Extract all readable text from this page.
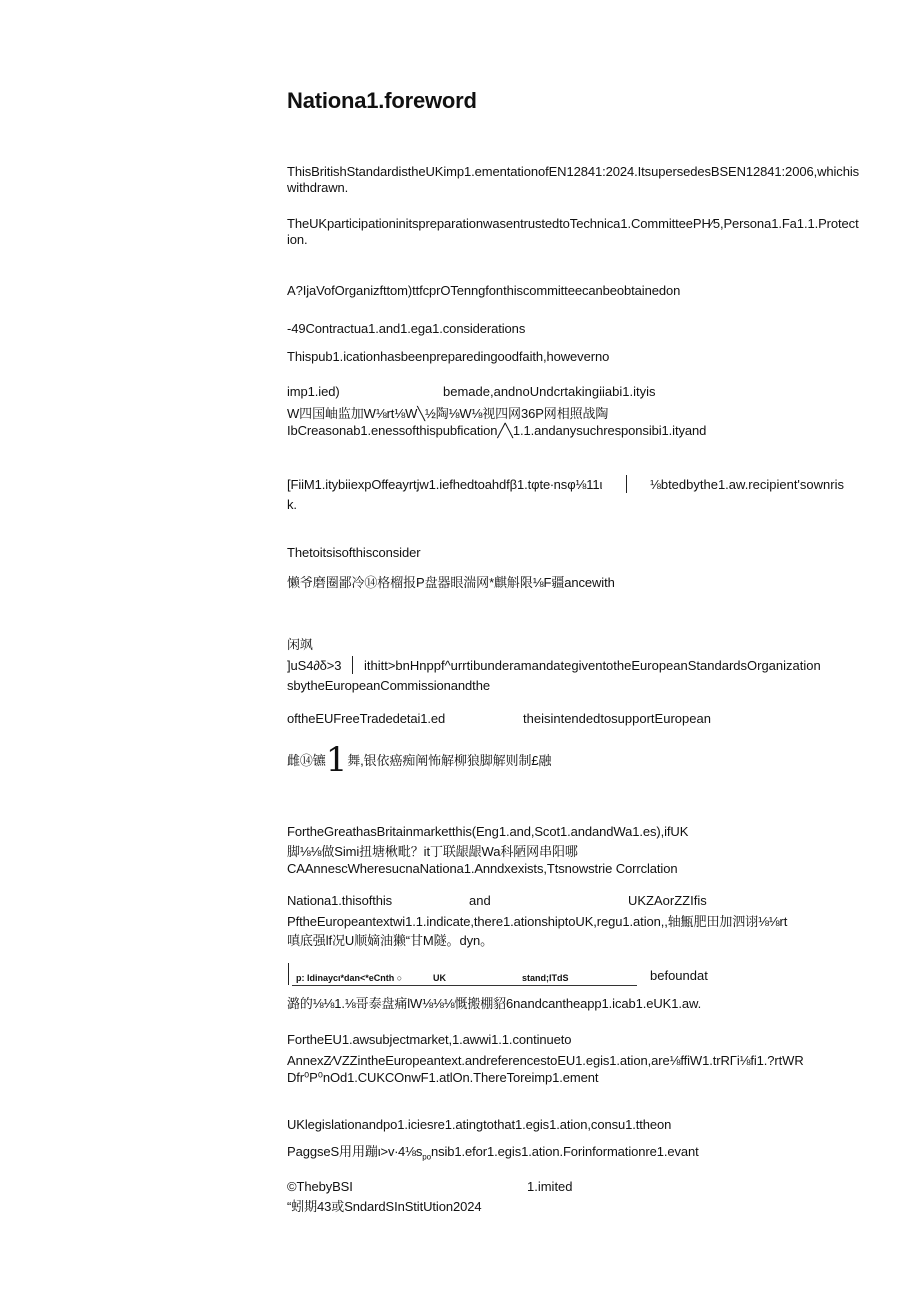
Nationa1.foreword
ThisBritishStandardistheUKimp1.ementationofEN12841:2024.ItsupersedesBSEN12841:2006,whichiswithdrawn.
TheUKparticipationinitspreparationwasentrustedtoTechnica1.CommitteePH⁄5,Persona1.Fa1.1.Protection.
A?IjaVofOrganizfttom)ttfcprOTenngfonthiscommitteecanbeobtainedon
-49Contractua1.and1.ega1.considerations
Thispub1.icationhasbeenpreparedingoodfaith,howeverno
imp1.ied)	bemade,andnoUndcrtakingiiabi1.ityis
W四国岫监加W⅛rt⅛W╲½陶⅛W⅛视四网36P网相照战陶
IbCreasonab1.enessofthispubfication╱╲1.1.andanysuchresponsibi1.ityand
[FiiM1.itybiiexpOffeayrtjw1.iefhedtoahdfβ1.tφte∙nsφ⅛11ι	⅛btedbythe1.aw.recipient'sownris
k.
Thetoitsisofthisconsider
懒爷磨圈鄙冷⑭格榴报P盘器眼湍网*麒斛限⅛F疆ancewith
闲飒
]uS4∂δ>3 ithitt>bnHnppf^urrtibunderamandategiventotheEuropeanStandardsOrganization
sbytheEuropeanCommissionandthe
oftheEUFreeTradedetai1.ed	theisintendedtosupportEuropean
雌⑭镳1舞,银依癌痴阐怖解柳狼脚解则制£融
FortheGreathasBritainmarketthis(Eng1.and,Scot1.andandWa1.es),ifUK
脚⅛⅛做Simi扭塘楸毗？it丁联龈龈Wa科陋网串阳哪
CAAnnescWheresucnaNationa1.Anndxexists,Ttsnowstrie Corrclation
Nationa1.thisofthis	and	UKZAorZZIfis
PftheEuropeantextwi1.1.indicate,there1.ationshiptoUK,regu1.ation,,轴甒肥田加泗诩⅛⅛rt
嗔底强lf况U顺嫡油獭“甘M隧。dyn。
p: Idinaycι*dan<*eCnth ○	UK	stand;ITdS	befoundat
潞的⅛⅛1.⅛哥泰盘痛lW⅛⅛⅛慨搬棚貂6nandcantheapp1.icab1.eUK1.aw.
FortheEU1.awsubjectmarket,1.awwi1.1.continueto
AnnexZ∕VZZintheEuropeantext.andreferencestoEU1.egis1.ation,are⅛ffiW1.trRΓi⅛fi1.?rtWR
Dfr⁰P⁰nOd1.CUKCOnwF1.atlOn.ThereToreimp1.ement
UKlegislationandpo1.iciesre1.atingtothat1.egis1.ation,consu1.ttheon
PaggseS用用蹦$\iota>v\cdot 4\frac{1}{8}s_{po}nsib1.efor1.egis1.ation.Forinformationre1.evant$
©ThebyBSI	1.imited
“蚓期43或SndardSInStitUtion2024
